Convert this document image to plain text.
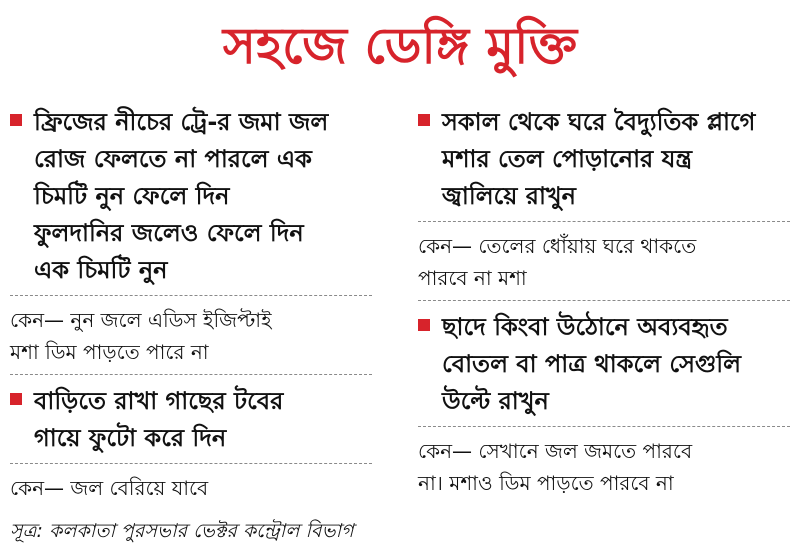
সহজে ডেঙ্গি মুক্তি
ফ্রিজের নীচের ট্রে-র জমা জল
রোজ ফেলতে না পারলে এক
চিমটি নুন ফেলে দিন
ফুলদানির জলেও ফেলে দিন
এক চিমটি নুন
কেন— নুন জলে এডিস ইজিপ্টাই
মশা ডিম পাড়তে পারে না
বাড়িতে রাখা গাছের টবের
গায়ে ফুটো করে দিন
কেন— জল বেরিয়ে যাবে
সকাল থেকে ঘরে বৈদ্যুতিক প্লাগে
মশার তেল পোড়ানোর যন্ত্র
জ্বালিয়ে রাখুন
কেন— তেলের ধোঁয়ায় ঘরে থাকতে
পারবে না মশা
ছাদে কিংবা উঠোনে অব্যবহৃত
বোতল বা পাত্র থাকলে সেগুলি
উল্টে রাখুন
কেন— সেখানে জল জমতে পারবে
না। মশাও ডিম পাড়তে পারবে না
সূত্র: কলকাতা পুরসভার ভেক্টর কন্ট্রোল বিভাগ
